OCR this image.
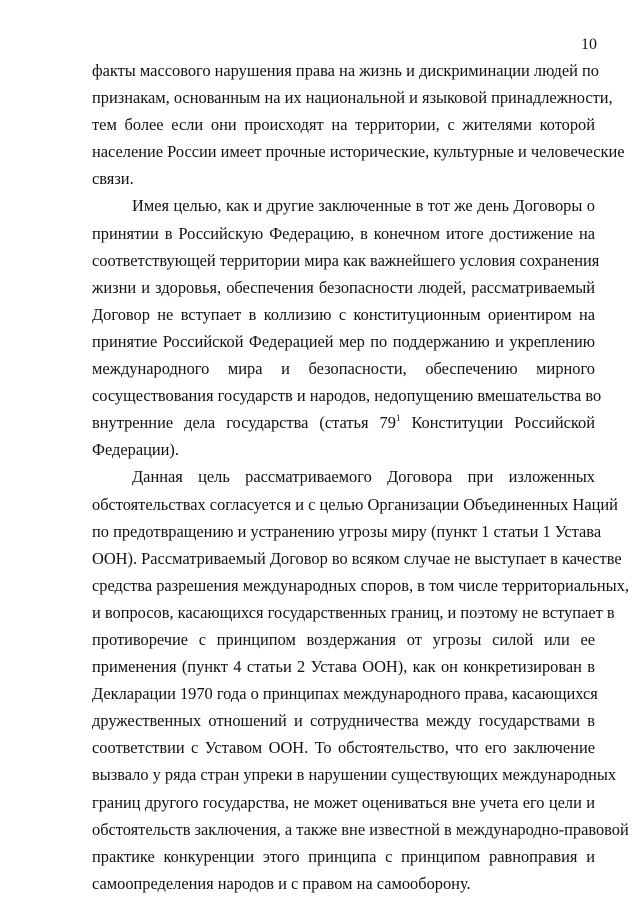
10
факты массового нарушения права на жизнь и дискриминации людей по
признакам, основанным на их национальной и языковой принадлежности,
тем более если они происходят на территории, с жителями которой
население России имеет прочные исторические, культурные и человеческие
связи.
Имея целью, как и другие заключенные в тот же день Договоры о
принятии в Российскую Федерацию, в конечном итоге достижение на
соответствующей территории мира как важнейшего условия сохранения
жизни и здоровья, обеспечения безопасности людей, рассматриваемый
Договор не вступает в коллизию с конституционным ориентиром на
принятие Российской Федерацией мер по поддержанию и укреплению
международного мира и безопасности, обеспечению мирного
сосуществования государств и народов, недопущению вмешательства во
внутренние дела государства (статья $79^1$ Конституции Российской
Федерации).
Данная цель рассматриваемого Договора при изложенных
обстоятельствах согласуется и с целью Организации Объединенных Наций
по предотвращению и устранению угрозы миру (пункт 1 статьи 1 Устава
ООН). Рассматриваемый Договор во всяком случае не выступает в качестве
средства разрешения международных споров, в том числе территориальных,
и вопросов, касающихся государственных границ, и поэтому не вступает в
противоречие с принципом воздержания от угрозы силой или ее
применения (пункт 4 статьи 2 Устава ООН), как он конкретизирован в
Декларации 1970 года о принципах международного права, касающихся
дружественных отношений и сотрудничества между государствами в
соответствии с Уставом ООН. То обстоятельство, что его заключение
вызвало у ряда стран упреки в нарушении существующих международных
границ другого государства, не может оцениваться вне учета его цели и
обстоятельств заключения, а также вне известной в международно-правовой
практике конкуренции этого принципа с принципом равноправия и
самоопределения народов и с правом на самооборону.
